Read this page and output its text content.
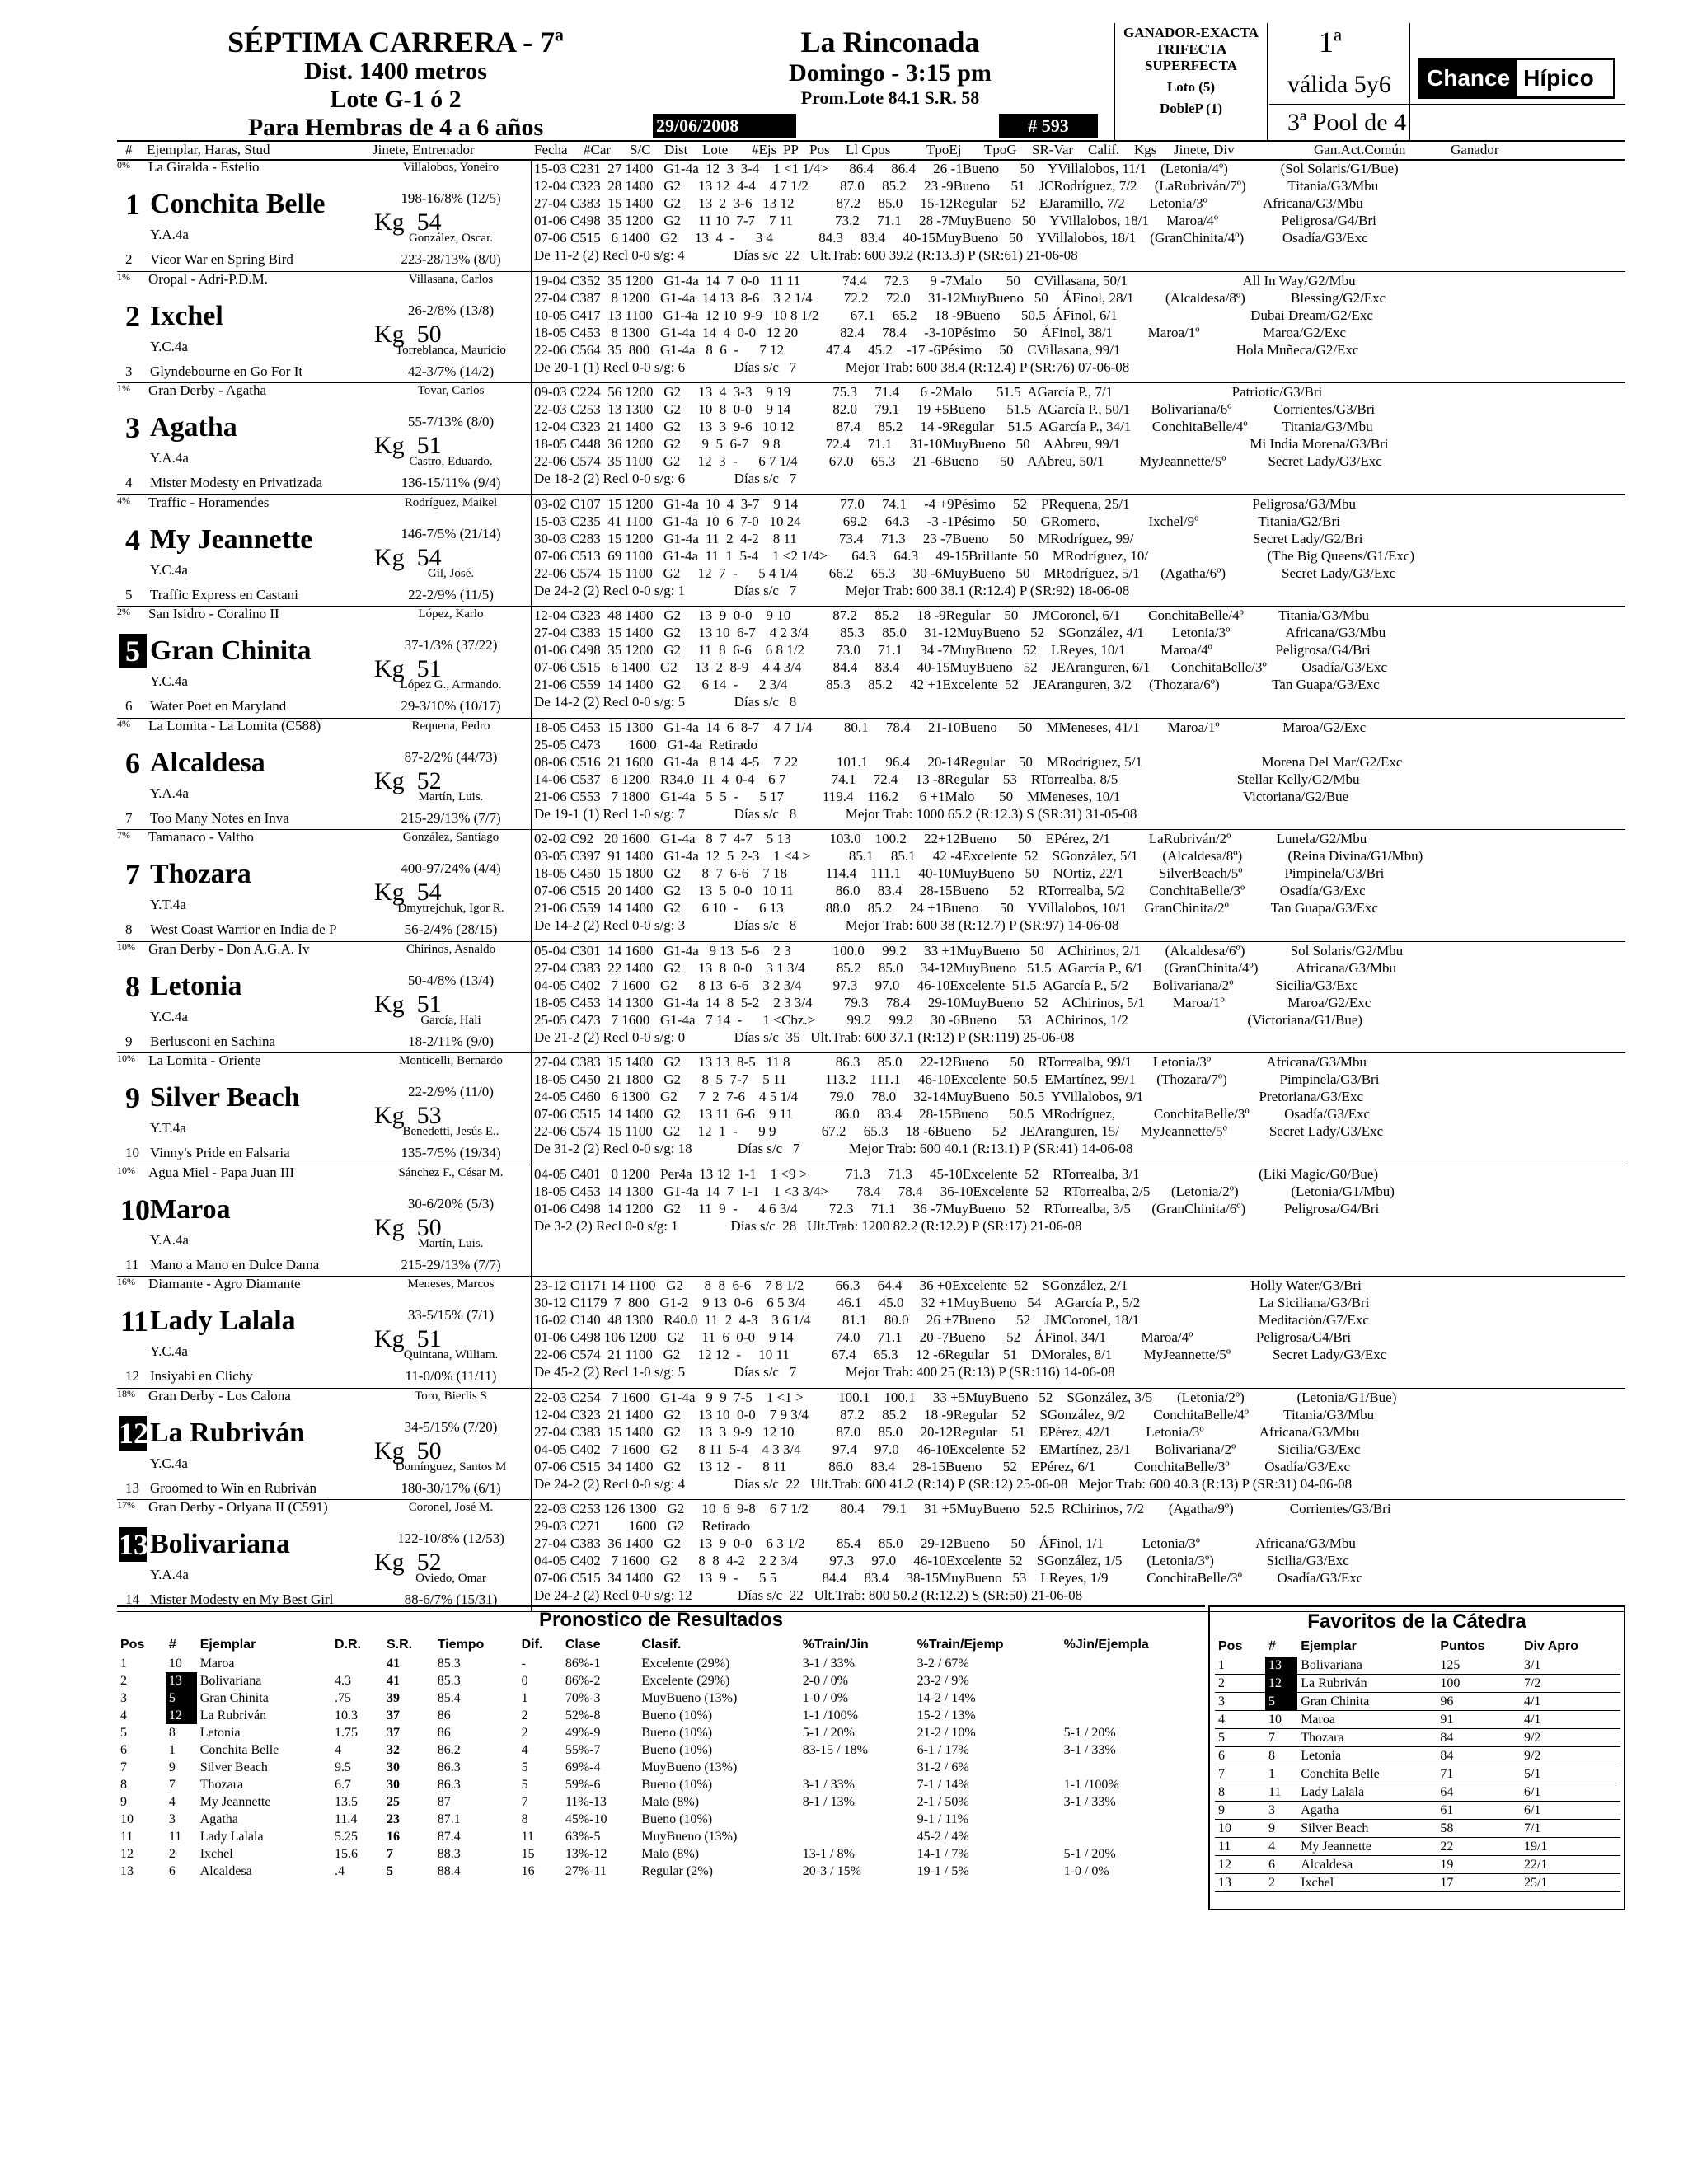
SÉPTIMA CARRERA - 7ª
Dist. 1400 metros
Lote G-1 ó 2
Para Hembras de 4 a 6 años
La Rinconada
Domingo - 3:15 pm
Prom.Lote 84.1 S.R. 58
29/06/2008	# 593
GANADOR-EXACTA
TRIFECTA
SUPERFECTA
Loto (5)
DobleP (1)
1ª
válida 5y6
3ª Pool de 4
Chance Hípico
# Ejemplar, Haras, Stud	Jinete, Entrenador	Fecha #Car S/C Dist Lote #Ejs PP Pos Ll Cpos	TpoEj TpoG SR-Var Calif. Kgs Jinete, Div	Gan.Act.Común	Ganador
0% La Giralda - Estelio
1 Conchita Belle
Y.A.4a
2 Vicor War en Spring Bird
Villalobos, Yoneiro
198-16/8% (12/5)
Kg  54
González, Oscar.
223-28/13% (8/0)
15-03 C231  27 1400   G1-4a  12  3  3-4    1 <1 1/4>      86.4     86.4     26 -1Bueno      50    YVillalobos, 11/1    (Letonia/4º)               (Sol Solaris/G1/Bue)
12-04 C323  28 1400   G2     13 12  4-4    4 7 1/2         87.0     85.2     23 -9Bueno      51    JCRodríguez, 7/2     (LaRubriván/7º)            Titania/G3/Mbu
27-04 C383  15 1400   G2     13  2  3-6   13 12            87.2     85.0     15-12Regular    52    EJaramillo, 7/2       Letonia/3º                Africana/G3/Mbu
01-06 C498  35 1200   G2     11 10  7-7    7 11            73.2     71.1     28 -7MuyBueno   50    YVillalobos, 18/1     Maroa/4º                  Peligrosa/G4/Bri
07-06 C515   6 1400   G2     13  4  -      3 4             84.3     83.4     40-15MuyBueno   50    YVillalobos, 18/1    (GranChinita/4º)           Osadía/G3/Exc
De 11-2 (2) Recl 0-0 s/g: 4              Días s/c  22   Ult.Trab: 600 39.2 (R:13.3) P (SR:61) 21-06-08
1% Oropal - Adri-P.D.M.
2 Ixchel
Y.C.4a
3 Glyndebourne en Go For It
Villasana, Carlos
26-2/8% (13/8)
Kg  50
Torreblanca, Mauricio
42-3/7% (14/2)
19-04 C352  35 1200   G1-4a  14  7  0-0   11 11            74.4     72.3      9 -7Malo       50    CVillasana, 50/1                                 All In Way/G2/Mbu
27-04 C387   8 1200   G1-4a  14 13  8-6    3 2 1/4         72.2     72.0     31-12MuyBueno   50    ÁFinol, 28/1         (Alcaldesa/8º)             Blessing/G2/Exc
10-05 C417  13 1100   G1-4a  12 10  9-9   10 8 1/2         67.1     65.2     18 -9Bueno      50.5  ÁFinol, 6/1                                      Dubai Dream/G2/Exc
18-05 C453   8 1300   G1-4a  14  4  0-0   12 20            82.4     78.4     -3-10Pésimo     50    ÁFinol, 38/1          Maroa/1º                  Maroa/G2/Exc
22-06 C564  35  800   G1-4a   8  6  -      7 12            47.4     45.2    -17 -6Pésimo     50    CVillasana, 99/1                                 Hola Muñeca/G2/Exc
De 20-1 (1) Recl 0-0 s/g: 6              Días s/c   7              Mejor Trab: 600 38.4 (R:12.4) P (SR:76) 07-06-08
1% Gran Derby - Agatha
3 Agatha
Y.A.4a
4 Mister Modesty en Privatizada
Tovar, Carlos
55-7/13% (8/0)
Kg  51
Castro, Eduardo.
136-15/11% (9/4)
09-03 C224  56 1200   G2     13  4  3-3    9 19            75.3     71.4      6 -2Malo       51.5  AGarcía P., 7/1                                  Patriotic/G3/Bri
22-03 C253  13 1300   G2     10  8  0-0    9 14            82.0     79.1     19 +5Bueno      51.5  AGarcía P., 50/1      Bolivariana/6º            Corrientes/G3/Bri
12-04 C323  21 1400   G2     13  3  9-6   10 12            87.4     85.2     14 -9Regular    51.5  AGarcía P., 34/1      ConchitaBelle/4º          Titania/G3/Mbu
18-05 C448  36 1200   G2      9  5  6-7    9 8             72.4     71.1     31-10MuyBueno   50    AAbreu, 99/1                                     Mi India Morena/G3/Bri
22-06 C574  35 1100   G2     12  3  -      6 7 1/4         67.0     65.3     21 -6Bueno      50    AAbreu, 50/1          MyJeannette/5º            Secret Lady/G3/Exc
De 18-2 (2) Recl 0-0 s/g: 6              Días s/c   7
4% Traffic - Horamendes
4 My Jeannette
Y.C.4a
5 Traffic Express en Castani
Rodríguez, Maikel
146-7/5% (21/14)
Kg  54
Gil, José.
22-2/9% (11/5)
03-02 C107  15 1200   G1-4a  10  4  3-7    9 14            77.0     74.1     -4 +9Pésimo     52    PRequena, 25/1                                   Peligrosa/G3/Mbu
15-03 C235  41 1100   G1-4a  10  6  7-0   10 24            69.2     64.3     -3 -1Pésimo     50    GRomero,              Ixchel/9º                 Titania/G2/Bri
30-03 C283  15 1200   G1-4a  11  2  4-2    8 11            73.4     71.3     23 -7Bueno      50    MRodríguez, 99/                                  Secret Lady/G2/Bri
07-06 C513  69 1100   G1-4a  11  1  5-4    1 <2 1/4>       64.3     64.3     49-15Brillante  50    MRodríguez, 10/                                  (The Big Queens/G1/Exc)
22-06 C574  15 1100   G2     12  7  -      5 4 1/4         66.2     65.3     30 -6MuyBueno   50    MRodríguez, 5/1      (Agatha/6º)                Secret Lady/G3/Exc
De 24-2 (2) Recl 0-0 s/g: 1              Días s/c   7              Mejor Trab: 600 38.1 (R:12.4) P (SR:92) 18-06-08
2% San Isidro - Coralino II
5 Gran Chinita
Y.C.4a
6 Water Poet en Maryland
López, Karlo
37-1/3% (37/22)
Kg  51
López G., Armando.
29-3/10% (10/17)
12-04 C323  48 1400   G2     13  9  0-0    9 10            87.2     85.2     18 -9Regular    50    JMCoronel, 6/1        ConchitaBelle/4º          Titania/G3/Mbu
27-04 C383  15 1400   G2     13 10  6-7    4 2 3/4         85.3     85.0     31-12MuyBueno   52    SGonzález, 4/1        Letonia/3º                Africana/G3/Mbu
01-06 C498  35 1200   G2     11  8  6-6    6 8 1/2         73.0     71.1     34 -7MuyBueno   52    LReyes, 10/1          Maroa/4º                  Peligrosa/G4/Bri
07-06 C515   6 1400   G2     13  2  8-9    4 4 3/4         84.4     83.4     40-15MuyBueno   52    JEAranguren, 6/1      ConchitaBelle/3º          Osadía/G3/Exc
21-06 C559  14 1400   G2      6 14  -      2 3/4           85.3     85.2     42 +1Excelente  52    JEAranguren, 3/2     (Thozara/6º)               Tan Guapa/G3/Exc
De 14-2 (2) Recl 0-0 s/g: 5              Días s/c   8
4% La Lomita - La Lomita (C588)
6 Alcaldesa
Y.A.4a
7 Too Many Notes en Inva
Requena, Pedro
87-2/2% (44/73)
Kg  52
Martín, Luis.
215-29/13% (7/7)
18-05 C453  15 1300   G1-4a  14  6  8-7    4 7 1/4         80.1     78.4     21-10Bueno      50    MMeneses, 41/1        Maroa/1º                  Maroa/G2/Exc
25-05 C473        1600   G1-4a  Retirado
08-06 C516  21 1600   G1-4a   8 14  4-5    7 22           101.1     96.4     20-14Regular    50    MRodríguez, 5/1                                  Morena Del Mar/G2/Exc
14-06 C537   6 1200   R34.0  11  4  0-4    6 7             74.1     72.4     13 -8Regular    53    RTorrealba, 8/5                                  Stellar Kelly/G2/Mbu
21-06 C553   7 1800   G1-4a   5  5  -      5 17           119.4    116.2      6 +1Malo       50    MMeneses, 10/1                                   Victoriana/G2/Bue
De 19-1 (1) Recl 1-0 s/g: 7              Días s/c   8              Mejor Trab: 1000 65.2 (R:12.3) S (SR:31) 31-05-08
7% Tamanaco - Valtho
7 Thozara
Y.T.4a
8 West Coast Warrior en India de P
González, Santiago
400-97/24% (4/4)
Kg  54
Dmytrejchuk, Igor R.
56-2/4% (28/15)
02-02 C92   20 1600   G1-4a   8  7  4-7    5 13           103.0    100.2     22+12Bueno      50    EPérez, 2/1           LaRubriván/2º             Lunela/G2/Mbu
03-05 C397  91 1400   G1-4a  12  5  2-3    1 <4 >           85.1     85.1     42 -4Excelente  52    SGonzález, 5/1       (Alcaldesa/8º)             (Reina Divina/G1/Mbu)
18-05 C450  15 1800   G2      8  7  6-6    7 18           114.4    111.1     40-10MuyBueno   50    NOrtiz, 22/1          SilverBeach/5º            Pimpinela/G3/Bri
07-06 C515  20 1400   G2     13  5  0-0   10 11            86.0     83.4     28-15Bueno      52    RTorrealba, 5/2       ConchitaBelle/3º          Osadía/G3/Exc
21-06 C559  14 1400   G2      6 10  -      6 13            88.0     85.2     24 +1Bueno      50    YVillalobos, 10/1     GranChinita/2º            Tan Guapa/G3/Exc
De 14-2 (2) Recl 0-0 s/g: 3              Días s/c   8              Mejor Trab: 600 38 (R:12.7) P (SR:97) 14-06-08
10% Gran Derby - Don A.G.A. Iv
8 Letonia
Y.C.4a
9 Berlusconi en Sachina
Chirinos, Asnaldo
50-4/8% (13/4)
Kg  51
García, Hali
18-2/11% (9/0)
05-04 C301  14 1600   G1-4a   9 13  5-6    2 3            100.0     99.2     33 +1MuyBueno   50    AChirinos, 2/1       (Alcaldesa/6º)             Sol Solaris/G2/Mbu
27-04 C383  22 1400   G2     13  8  0-0    3 1 3/4         85.2     85.0     34-12MuyBueno   51.5  AGarcía P., 6/1      (GranChinita/4º)           Africana/G3/Mbu
04-05 C402   7 1600   G2      8 13  6-6    3 2 3/4         97.3     97.0     46-10Excelente  51.5  AGarcía P., 5/2       Bolivariana/2º            Sicilia/G3/Exc
18-05 C453  14 1300   G1-4a  14  8  5-2    2 3 3/4         79.3     78.4     29-10MuyBueno   52    AChirinos, 5/1        Maroa/1º                  Maroa/G2/Exc
25-05 C473   7 1600   G1-4a   7 14  -      1 <Cbz.>         99.2     99.2     30 -6Bueno      53    AChirinos, 1/2                                  (Victoriana/G1/Bue)
De 21-2 (2) Recl 0-0 s/g: 0              Días s/c  35   Ult.Trab: 600 37.1 (R:12) P (SR:119) 25-06-08
10% La Lomita - Oriente
9 Silver Beach
Y.T.4a
10 Vinny's Pride en Falsaria
Monticelli, Bernardo
22-2/9% (11/0)
Kg  53
Benedetti, Jesús E..
135-7/5% (19/34)
27-04 C383  15 1400   G2     13 13  8-5   11 8             86.3     85.0     22-12Bueno      50    RTorrealba, 99/1      Letonia/3º                Africana/G3/Mbu
18-05 C450  21 1800   G2      8  5  7-7    5 11           113.2    111.1     46-10Excelente  50.5  EMartínez, 99/1      (Thozara/7º)               Pimpinela/G3/Bri
24-05 C460   6 1300   G2      7  2  7-6    4 5 1/4         79.0     78.0     32-14MuyBueno   50.5  YVillalobos, 9/1                                 Pretoriana/G3/Exc
07-06 C515  14 1400   G2     13 11  6-6    9 11            86.0     83.4     28-15Bueno      50.5  MRodríguez,           ConchitaBelle/3º          Osadía/G3/Exc
22-06 C574  15 1100   G2     12  1  -      9 9             67.2     65.3     18 -6Bueno      52    JEAranguren, 15/      MyJeannette/5º            Secret Lady/G3/Exc
De 31-2 (2) Recl 0-0 s/g: 18             Días s/c   7              Mejor Trab: 600 40.1 (R:13.1) P (SR:41) 14-06-08
10% Agua Miel - Papa Juan III
10 Maroa
Y.A.4a
11 Mano a Mano en Dulce Dama
Sánchez F., César M.
30-6/20% (5/3)
Kg  50
Martín, Luis.
215-29/13% (7/7)
04-05 C401   0 1200   Per4a  13 12  1-1    1 <9 >           71.3     71.3     45-10Excelente  52    RTorrealba, 3/1                                  (Liki Magic/G0/Bue)
18-05 C453  14 1300   G1-4a  14  7  1-1    1 <3 3/4>        78.4     78.4     36-10Excelente  52    RTorrealba, 2/5      (Letonia/2º)               (Letonia/G1/Mbu)
01-06 C498  14 1200   G2     11  9  -      4 6 3/4         72.3     71.1     36 -7MuyBueno   52    RTorrealba, 3/5      (GranChinita/6º)           Peligrosa/G4/Bri
De 3-2 (2) Recl 0-0 s/g: 1               Días s/c  28   Ult.Trab: 1200 82.2 (R:12.2) P (SR:17) 21-06-08
16% Diamante - Agro Diamante
11 Lady Lalala
Y.C.4a
12 Insiyabi en Clichy
Meneses, Marcos
33-5/15% (7/1)
Kg  51
Quintana, William.
11-0/0% (11/11)
23-12 C1171 14 1100   G2      8  8  6-6    7 8 1/2         66.3     64.4     36 +0Excelente  52    SGonzález, 2/1                                   Holly Water/G3/Bri
30-12 C1179  7  800   G1-2    9 13  0-6    6 5 3/4         46.1     45.0     32 +1MuyBueno   54    AGarcía P., 5/2                                  La Siciliana/G3/Bri
16-02 C140  48 1300   R40.0  11  2  4-3    3 6 1/4         81.1     80.0     26 +7Bueno      52    JMCoronel, 18/1                                  Meditación/G7/Exc
01-06 C498 106 1200   G2     11  6  0-0    9 14            74.0     71.1     20 -7Bueno      52    ÁFinol, 34/1          Maroa/4º                  Peligrosa/G4/Bri
22-06 C574  21 1100   G2     12 12  -     10 11            67.4     65.3     12 -6Regular    51    DMorales, 8/1         MyJeannette/5º            Secret Lady/G3/Exc
De 45-2 (2) Recl 1-0 s/g: 5              Días s/c   7              Mejor Trab: 400 25 (R:13) P (SR:116) 14-06-08
18% Gran Derby - Los Calona
12 La Rubriván
Y.C.4a
13 Groomed to Win en Rubriván
Toro, Bierlis S
34-5/15% (7/20)
Kg  50
Domínguez, Santos M
180-30/17% (6/1)
22-03 C254   7 1600   G1-4a   9  9  7-5    1 <1 >          100.1    100.1     33 +5MuyBueno   52    SGonzález, 3/5       (Letonia/2º)               (Letonia/G1/Bue)
12-04 C323  21 1400   G2     13 10  0-0    7 9 3/4         87.2     85.2     18 -9Regular    52    SGonzález, 9/2        ConchitaBelle/4º          Titania/G3/Mbu
27-04 C383  15 1400   G2     13  3  9-9   12 10            87.0     85.0     20-12Regular    51    EPérez, 42/1          Letonia/3º                Africana/G3/Mbu
04-05 C402   7 1600   G2      8 11  5-4    4 3 3/4         97.4     97.0     46-10Excelente  52    EMartínez, 23/1       Bolivariana/2º            Sicilia/G3/Exc
07-06 C515  34 1400   G2     13 12  -      8 11            86.0     83.4     28-15Bueno      52    EPérez, 6/1           ConchitaBelle/3º          Osadía/G3/Exc
De 24-2 (2) Recl 0-0 s/g: 4              Días s/c  22   Ult.Trab: 600 41.2 (R:14) P (SR:12) 25-06-08   Mejor Trab: 600 40.3 (R:13) P (SR:31) 04-06-08
17% Gran Derby - Orlyana II (C591)
13 Bolivariana
Y.A.4a
14 Mister Modesty en My Best Girl
Coronel, José M.
122-10/8% (12/53)
Kg  52
Oviedo, Omar
88-6/7% (15/31)
22-03 C253 126 1300   G2     10  6  9-8    6 7 1/2         80.4     79.1     31 +5MuyBueno   52.5  RChirinos, 7/2       (Agatha/9º)                Corrientes/G3/Bri
29-03 C271        1600   G2     Retirado
27-04 C383  36 1400   G2     13  9  0-0    6 3 1/2         85.4     85.0     29-12Bueno      50    ÁFinol, 1/1           Letonia/3º                Africana/G3/Mbu
04-05 C402   7 1600   G2      8  8  4-2    2 2 3/4         97.3     97.0     46-10Excelente  52    SGonzález, 1/5       (Letonia/3º)               Sicilia/G3/Exc
07-06 C515  34 1400   G2     13  9  -      5 5             84.4     83.4     38-15MuyBueno   53    LReyes, 1/9           ConchitaBelle/3º          Osadía/G3/Exc
De 24-2 (2) Recl 0-0 s/g: 12             Días s/c  22   Ult.Trab: 800 50.2 (R:12.2) S (SR:50) 21-06-08
Pronostico de Resultados
Pos	#	Ejemplar	D.R.	S.R.	Tiempo	Dif.	Clase	Clasif.	%Train/Jin	%Train/Ejemp	%Jin/Ejempla
1	10	Maroa		41	85.3	-	86%-1	Excelente (29%)	3-1 / 33%	3-2 / 67%	
2	13	Bolivariana	4.3	41	85.3	0	86%-2	Excelente (29%)	2-0 / 0%	23-2 / 9%	
3	5	Gran Chinita	.75	39	85.4	1	70%-3	MuyBueno (13%)	1-0 / 0%	14-2 / 14%	
4	12	La Rubriván	10.3	37	86	2	52%-8	Bueno (10%)	1-1 /100%	15-2 / 13%	
5	8	Letonia	1.75	37	86	2	49%-9	Bueno (10%)	5-1 / 20%	21-2 / 10%	5-1 / 20%
6	1	Conchita Belle	4	32	86.2	4	55%-7	Bueno (10%)	83-15 / 18%	6-1 / 17%	3-1 / 33%
7	9	Silver Beach	9.5	30	86.3	5	69%-4	MuyBueno (13%)		31-2 / 6%	
8	7	Thozara	6.7	30	86.3	5	59%-6	Bueno (10%)	3-1 / 33%	7-1 / 14%	1-1 /100%
9	4	My Jeannette	13.5	25	87	7	11%-13	Malo (8%)	8-1 / 13%	2-1 / 50%	3-1 / 33%
10	3	Agatha	11.4	23	87.1	8	45%-10	Bueno (10%)		9-1 / 11%	
11	11	Lady Lalala	5.25	16	87.4	11	63%-5	MuyBueno (13%)		45-2 / 4%	
12	2	Ixchel	15.6	7	88.3	15	13%-12	Malo (8%)	13-1 / 8%	14-1 / 7%	5-1 / 20%
13	6	Alcaldesa	.4	5	88.4	16	27%-11	Regular (2%)	20-3 / 15%	19-1 / 5%	1-0 / 0%
Favoritos de la Cátedra
Pos	#	Ejemplar	Puntos	Div Apro
1	13	Bolivariana	125	3/1
2	12	La Rubriván	100	7/2
3	5	Gran Chinita	96	4/1
4	10	Maroa	91	4/1
5	7	Thozara	84	9/2
6	8	Letonia	84	9/2
7	1	Conchita Belle	71	5/1
8	11	Lady Lalala	64	6/1
9	3	Agatha	61	6/1
10	9	Silver Beach	58	7/1
11	4	My Jeannette	22	19/1
12	6	Alcaldesa	19	22/1
13	2	Ixchel	17	25/1
